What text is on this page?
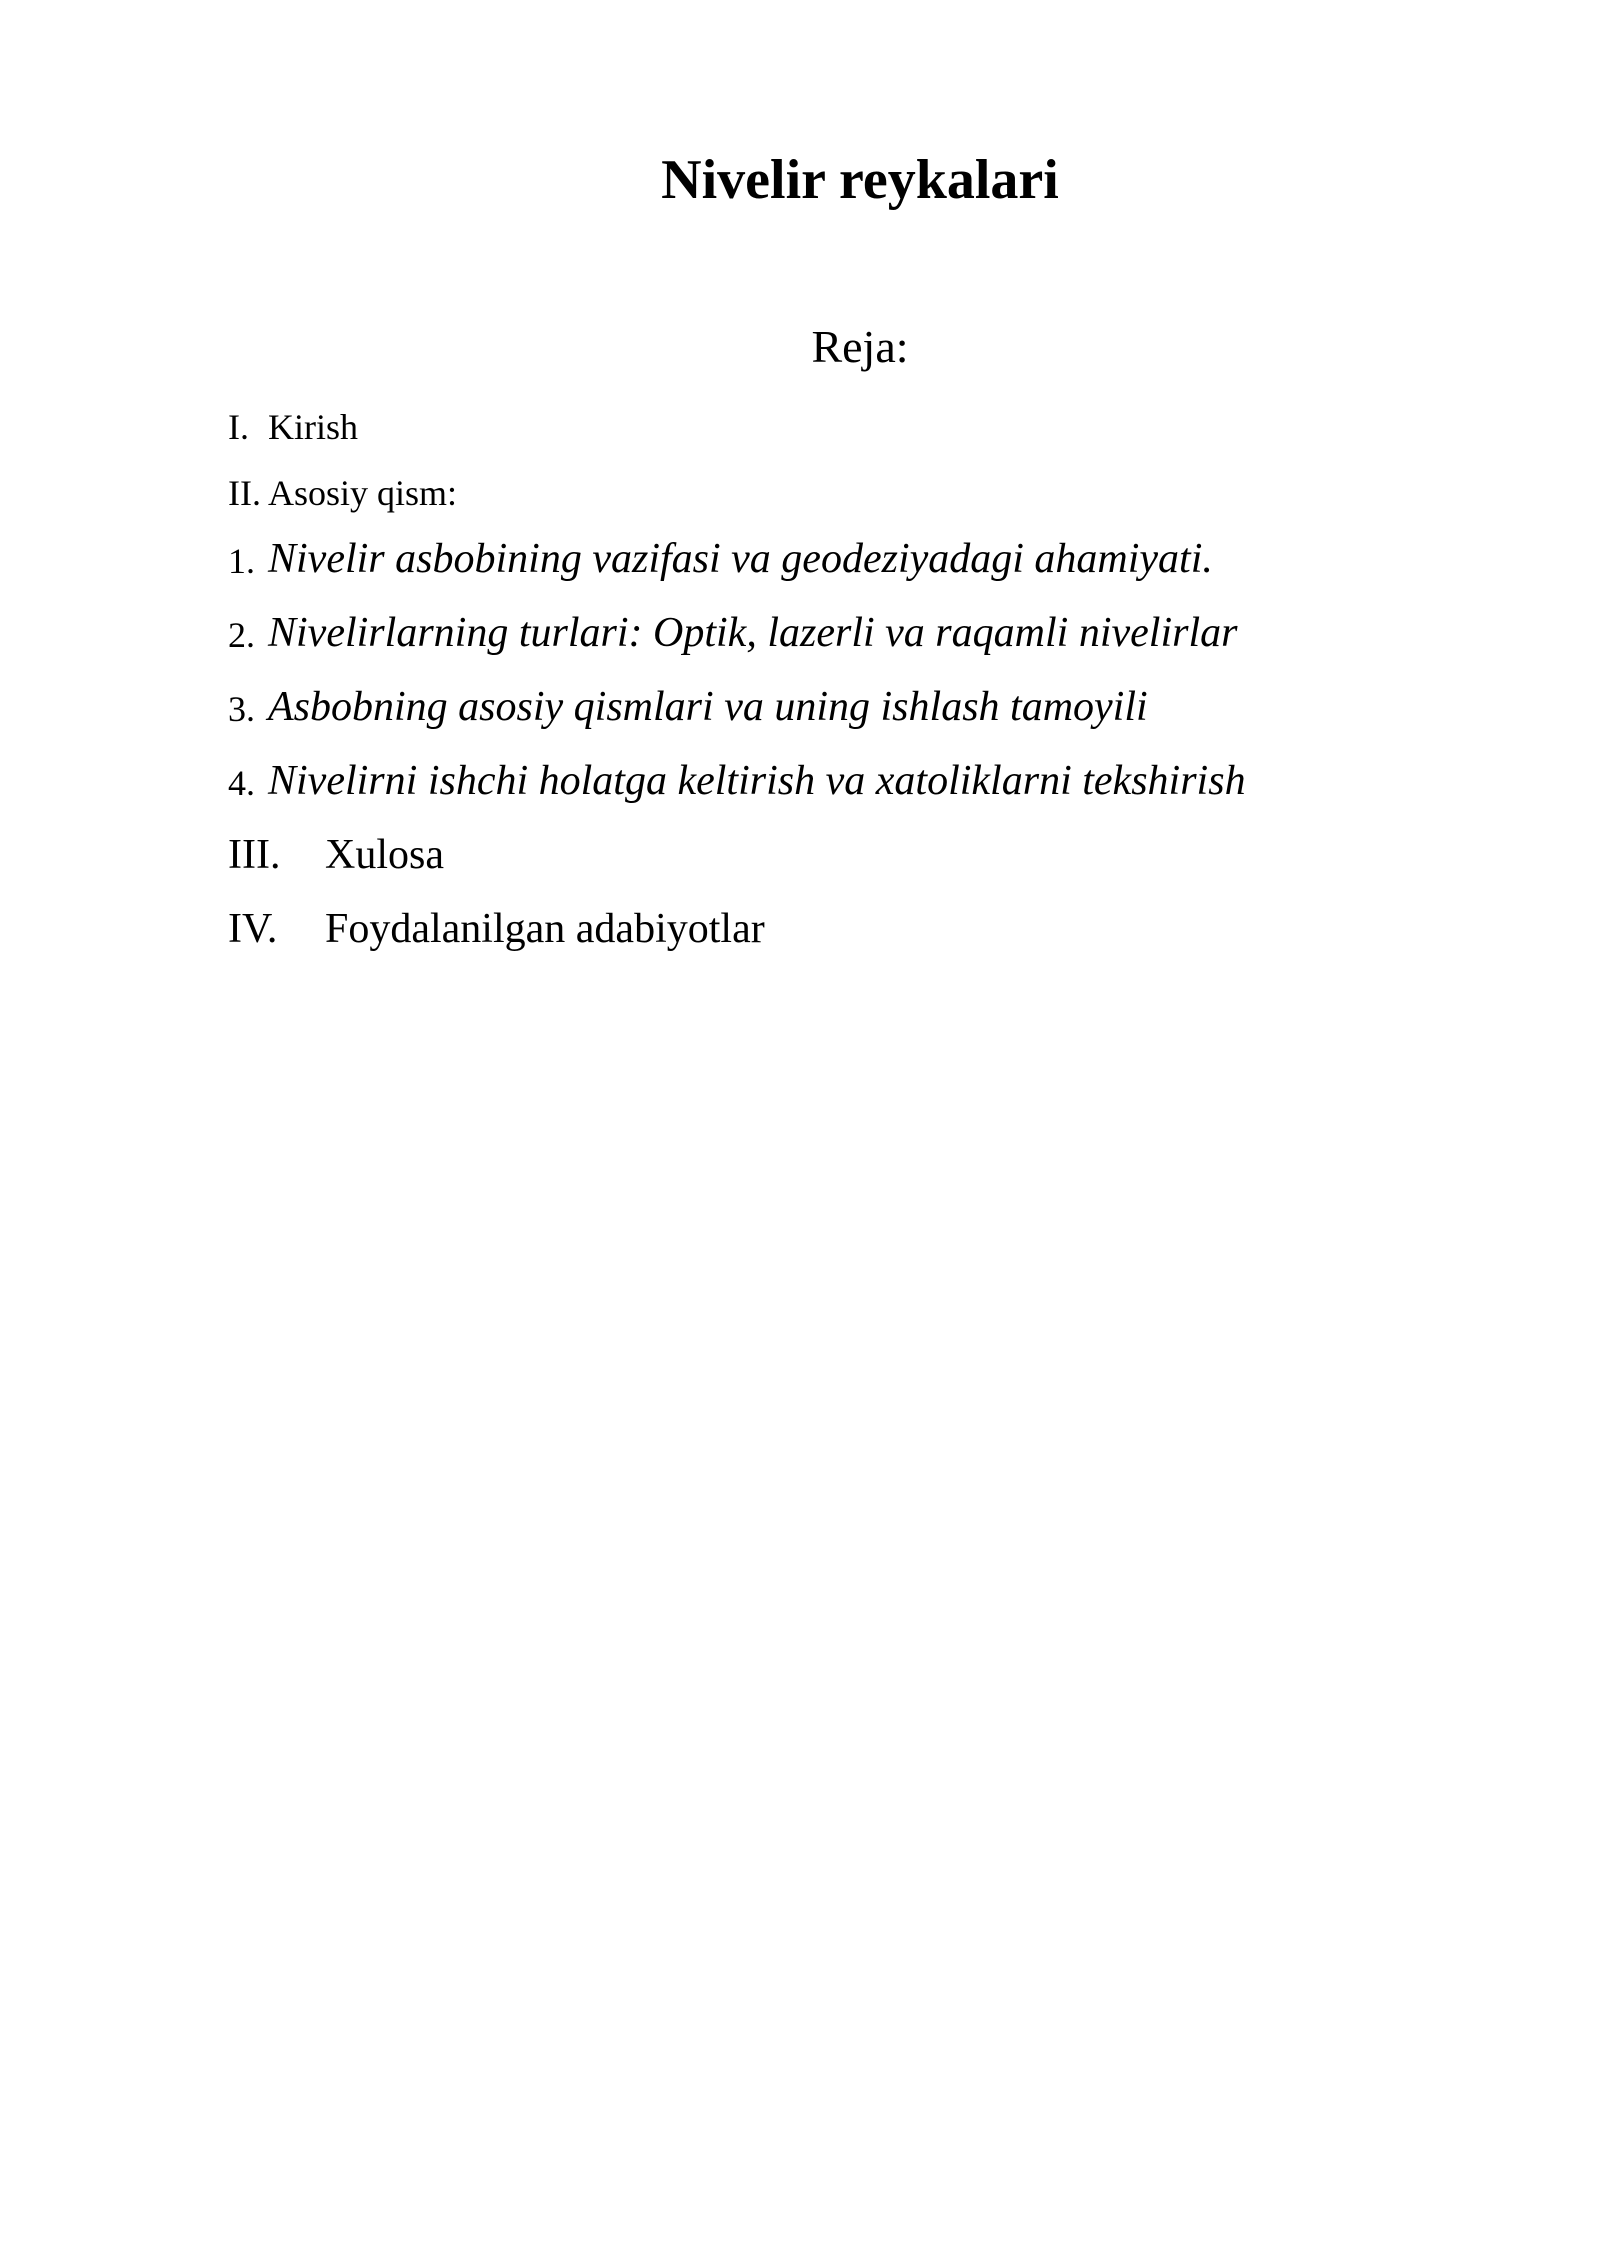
Nivelir reykalari
Reja:
I. Kirish
II. Asosiy qism:
1. Nivelir asbobining vazifasi va geodeziyadagi ahamiyati.
2. Nivelirlarning turlari: Optik, lazerli va raqamli nivelirlar
3. Asbobning asosiy qismlari va uning ishlash tamoyili
4. Nivelirni ishchi holatga keltirish va xatoliklarni tekshirish
III. Xulosa
IV. Foydalanilgan adabiyotlar
